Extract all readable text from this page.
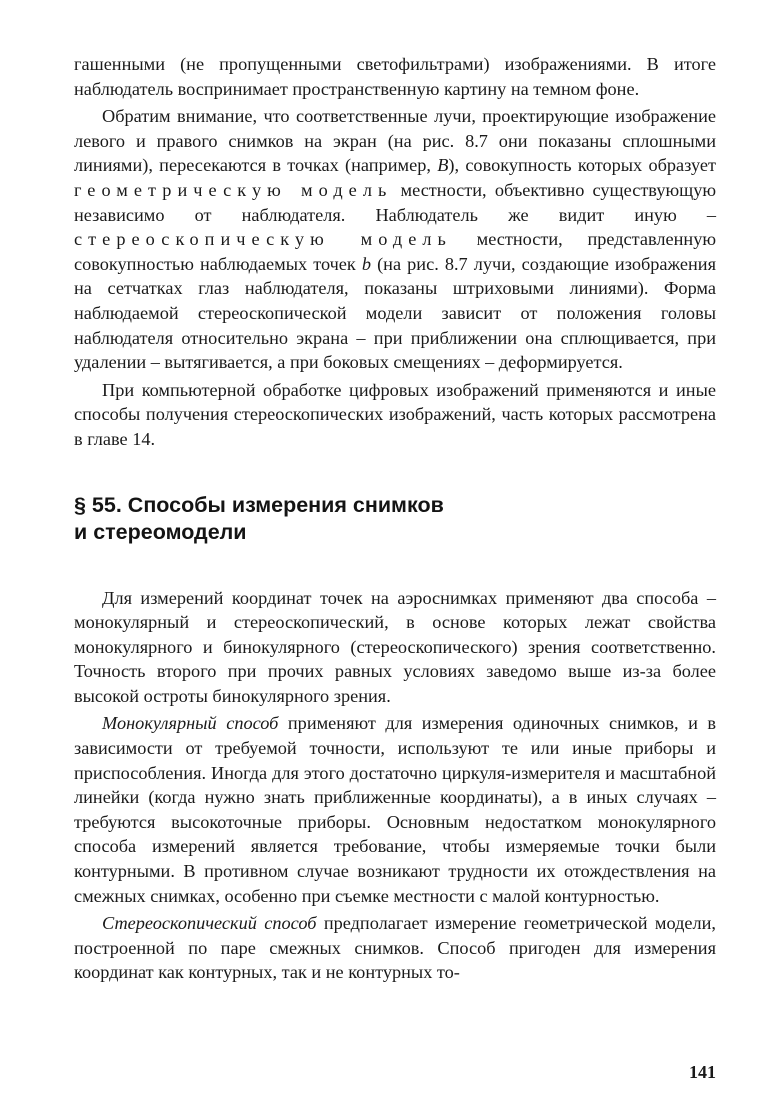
гашенными (не пропущенными светофильтрами) изображениями. В итоге наблюдатель воспринимает пространственную картину на темном фоне.

Обратим внимание, что соответственные лучи, проектирующие изображение левого и правого снимков на экран (на рис. 8.7 они показаны сплошными линиями), пересекаются в точках (например, B), совокупность которых образует геометрическую модель местности, объективно существующую независимо от наблюдателя. Наблюдатель же видит иную – стереоскопическую модель местности, представленную совокупностью наблюдаемых точек b (на рис. 8.7 лучи, создающие изображения на сетчатках глаз наблюдателя, показаны штриховыми линиями). Форма наблюдаемой стереоскопической модели зависит от положения головы наблюдателя относительно экрана – при приближении она сплющивается, при удалении – вытягивается, а при боковых смещениях – деформируется.

При компьютерной обработке цифровых изображений применяются и иные способы получения стереоскопических изображений, часть которых рассмотрена в главе 14.

§ 55. Способы измерения снимков
и стереомодели

Для измерений координат точек на аэроснимках применяют два способа – монокулярный и стереоскопический, в основе которых лежат свойства монокулярного и бинокулярного (стереоскопического) зрения соответственно. Точность второго при прочих равных условиях заведомо выше из-за более высокой остроты бинокулярного зрения.

Монокулярный способ применяют для измерения одиночных снимков, и в зависимости от требуемой точности, используют те или иные приборы и приспособления. Иногда для этого достаточно циркуля-измерителя и масштабной линейки (когда нужно знать приближенные координаты), а в иных случаях – требуются высокоточные приборы. Основным недостатком монокулярного способа измерений является требование, чтобы измеряемые точки были контурными. В противном случае возникают трудности их отождествления на смежных снимках, особенно при съемке местности с малой контурностью.

Стереоскопический способ предполагает измерение геометрической модели, построенной по паре смежных снимков. Способ пригоден для измерения координат как контурных, так и не контурных то-

141
